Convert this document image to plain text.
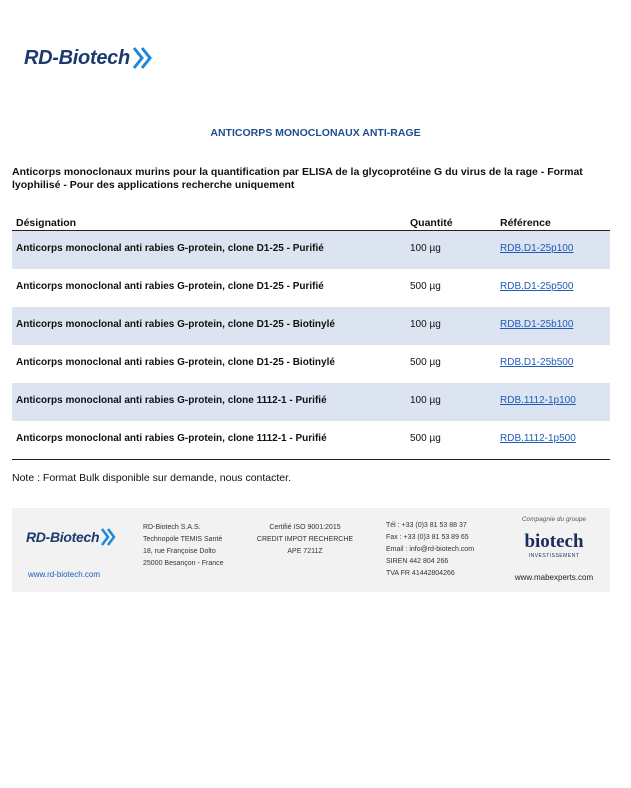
RD-Biotech
ANTICORPS MONOCLONAUX ANTI-RAGE
Anticorps monoclonaux murins pour la quantification par ELISA de la glycoprotéine G du virus de la rage - Format lyophilisé - Pour des applications recherche uniquement
Désignation	Quantité	Référence
Anticorps monoclonal anti rabies G-protein, clone D1-25 - Purifié	100 µg	RDB.D1-25p100
Anticorps monoclonal anti rabies G-protein, clone D1-25 - Purifié	500 µg	RDB.D1-25p500
Anticorps monoclonal anti rabies G-protein, clone D1-25 - Biotinylé	100 µg	RDB.D1-25b100
Anticorps monoclonal anti rabies G-protein, clone D1-25 - Biotinylé	500 µg	RDB.D1-25b500
Anticorps monoclonal anti rabies G-protein, clone 1112-1 - Purifié	100 µg	RDB.1112-1p100
Anticorps monoclonal anti rabies G-protein, clone 1112-1 - Purifié	500 µg	RDB.1112-1p500
Note : Format Bulk disponible sur demande, nous contacter.
RD-Biotech
www.rd-biotech.com
RD-Biotech S.A.S.
Technopole TEMIS Santé
18, rue Françoise Dolto
25000 Besançon - France
Certifié ISO 9001:2015
CREDIT IMPOT RECHERCHE
APE 7211Z
Tél : +33 (0)3 81 53 88 37
Fax : +33 (0)3 81 53 89 65
Email : info@rd-biotech.com
SIREN 442 804 266
TVA FR 41442804266
Compagnie du groupe
biotech
INVESTISSEMENT
www.mabexperts.com
